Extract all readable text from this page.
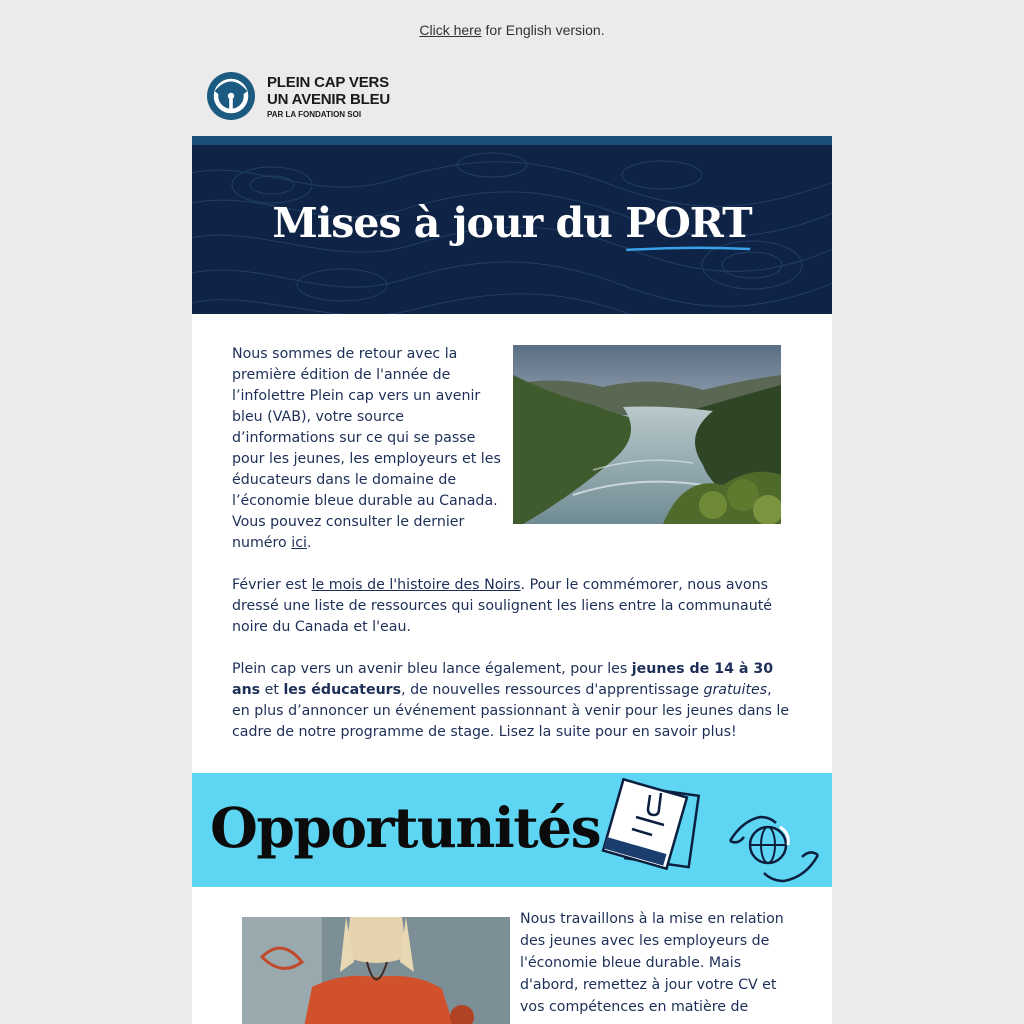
Click here for English version.
PLEIN CAP VERS
UN AVENIR BLEU
PAR LA FONDATION SOI
Mises à jour du PORT
Nous sommes de retour avec la première édition de l'année de l’infolettre Plein cap vers un avenir bleu (VAB), votre source d’informations sur ce qui se passe pour les jeunes, les employeurs et les éducateurs dans le domaine de l’économie bleue durable au Canada. Vous pouvez consulter le dernier numéro ici.
Février est le mois de l'histoire des Noirs. Pour le commémorer, nous avons dressé une liste de ressources qui soulignent les liens entre la communauté noire du Canada et l'eau.
Plein cap vers un avenir bleu lance également, pour les jeunes de 14 à 30 ans et les éducateurs, de nouvelles ressources d'apprentissage gratuites, en plus d’annoncer un événement passionnant à venir pour les jeunes dans le cadre de notre programme de stage. Lisez la suite pour en savoir plus!
Opportunités
Nous travaillons à la mise en relation des jeunes avec les employeurs de l'économie bleue durable. Mais d'abord, remettez à jour votre CV et vos compétences en matière de
